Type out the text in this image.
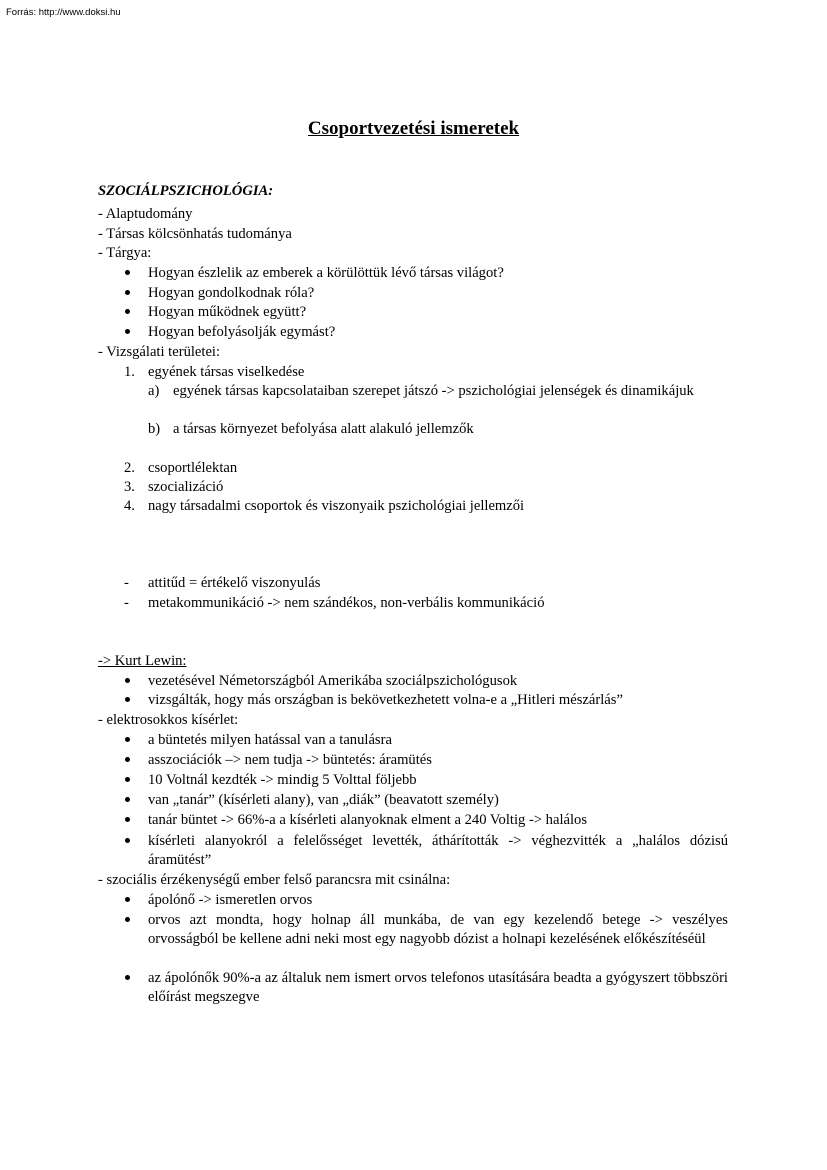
Forrás: http://www.doksi.hu
Csoportvezetési ismeretek
SZOCIÁLPSZICHOLÓGIA:
- Alaptudomány
- Társas kölcsönhatás tudománya
- Tárgya:
Hogyan észlelik az emberek a körülöttük lévő társas világot?
Hogyan gondolkodnak róla?
Hogyan működnek együtt?
Hogyan befolyásolják egymást?
- Vizsgálati területei:
1. egyének társas viselkedése
a) egyének társas kapcsolataiban szerepet játszó -> pszichológiai jelenségek és dinamikájuk
b) a társas környezet befolyása alatt alakuló jellemzők
2. csoportlélektan
3. szocializáció
4. nagy társadalmi csoportok és viszonyaik pszichológiai jellemzői
- attitűd = értékelő viszonyulás
- metakommunikáció -> nem szándékos, non-verbális kommunikáció
-> Kurt Lewin:
vezetésével Németországból Amerikába szociálpszichológusok
vizsgálták, hogy más országban is bekövetkezhetett volna-e a „Hitleri mészárlás”
- elektrosokkos kísérlet:
a büntetés milyen hatással van a tanulásra
asszociációk –> nem tudja -> büntetés: áramütés
10 Voltnál kezdték -> mindig 5 Volttal följebb
van „tanár” (kísérleti alany), van „diák” (beavatott személy)
tanár büntet -> 66%-a a kísérleti alanyoknak elment a 240 Voltig -> halálos
kísérleti alanyokról a felelősséget levették, áthárították -> véghezvitték a „halálos dózisú áramütést”
- szociális érzékenységű ember felső parancsra mit csinálna:
ápolónő -> ismeretlen orvos
orvos azt mondta, hogy holnap áll munkába, de van egy kezelendő betege -> veszélyes orvosságból be kellene adni neki most egy nagyobb dózist a holnapi kezelésének előkészítéséül
az ápolónők 90%-a az általuk nem ismert orvos telefonos utasítására beadta a gyógyszert többszöri előírást megszegve
